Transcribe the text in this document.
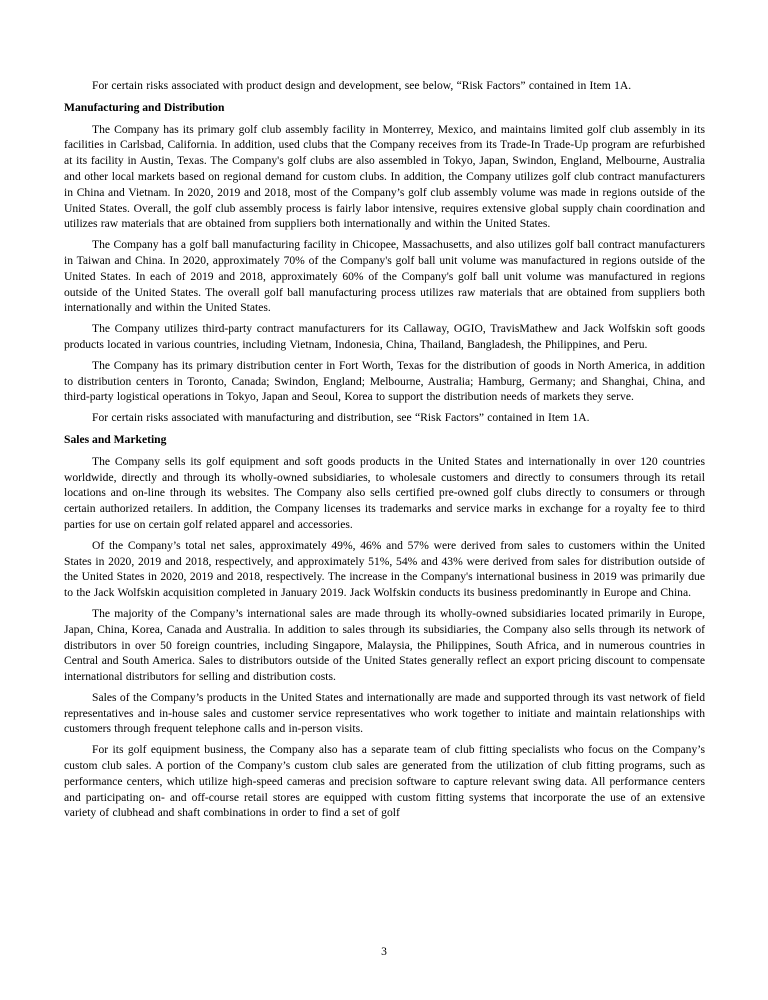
For certain risks associated with product design and development, see below, “Risk Factors” contained in Item 1A.

Manufacturing and Distribution

The Company has its primary golf club assembly facility in Monterrey, Mexico, and maintains limited golf club assembly in its facilities in Carlsbad, California. In addition, used clubs that the Company receives from its Trade-In Trade-Up program are refurbished at its facility in Austin, Texas. The Company's golf clubs are also assembled in Tokyo, Japan, Swindon, England, Melbourne, Australia and other local markets based on regional demand for custom clubs. In addition, the Company utilizes golf club contract manufacturers in China and Vietnam. In 2020, 2019 and 2018, most of the Company’s golf club assembly volume was made in regions outside of the United States. Overall, the golf club assembly process is fairly labor intensive, requires extensive global supply chain coordination and utilizes raw materials that are obtained from suppliers both internationally and within the United States.

The Company has a golf ball manufacturing facility in Chicopee, Massachusetts, and also utilizes golf ball contract manufacturers in Taiwan and China. In 2020, approximately 70% of the Company's golf ball unit volume was manufactured in regions outside of the United States. In each of 2019 and 2018, approximately 60% of the Company's golf ball unit volume was manufactured in regions outside of the United States. The overall golf ball manufacturing process utilizes raw materials that are obtained from suppliers both internationally and within the United States.

The Company utilizes third-party contract manufacturers for its Callaway, OGIO, TravisMathew and Jack Wolfskin soft goods products located in various countries, including Vietnam, Indonesia, China, Thailand, Bangladesh, the Philippines, and Peru.

The Company has its primary distribution center in Fort Worth, Texas for the distribution of goods in North America, in addition to distribution centers in Toronto, Canada; Swindon, England; Melbourne, Australia; Hamburg, Germany; and Shanghai, China, and third-party logistical operations in Tokyo, Japan and Seoul, Korea to support the distribution needs of markets they serve.

For certain risks associated with manufacturing and distribution, see “Risk Factors” contained in Item 1A.

Sales and Marketing

The Company sells its golf equipment and soft goods products in the United States and internationally in over 120 countries worldwide, directly and through its wholly-owned subsidiaries, to wholesale customers and directly to consumers through its retail locations and on-line through its websites. The Company also sells certified pre-owned golf clubs directly to consumers or through certain authorized retailers. In addition, the Company licenses its trademarks and service marks in exchange for a royalty fee to third parties for use on certain golf related apparel and accessories.

Of the Company’s total net sales, approximately 49%, 46% and 57% were derived from sales to customers within the United States in 2020, 2019 and 2018, respectively, and approximately 51%, 54% and 43% were derived from sales for distribution outside of the United States in 2020, 2019 and 2018, respectively. The increase in the Company's international business in 2019 was primarily due to the Jack Wolfskin acquisition completed in January 2019. Jack Wolfskin conducts its business predominantly in Europe and China.

The majority of the Company’s international sales are made through its wholly-owned subsidiaries located primarily in Europe, Japan, China, Korea, Canada and Australia. In addition to sales through its subsidiaries, the Company also sells through its network of distributors in over 50 foreign countries, including Singapore, Malaysia, the Philippines, South Africa, and in numerous countries in Central and South America. Sales to distributors outside of the United States generally reflect an export pricing discount to compensate international distributors for selling and distribution costs.

Sales of the Company’s products in the United States and internationally are made and supported through its vast network of field representatives and in-house sales and customer service representatives who work together to initiate and maintain relationships with customers through frequent telephone calls and in-person visits.

For its golf equipment business, the Company also has a separate team of club fitting specialists who focus on the Company’s custom club sales. A portion of the Company’s custom club sales are generated from the utilization of club fitting programs, such as performance centers, which utilize high-speed cameras and precision software to capture relevant swing data. All performance centers and participating on- and off-course retail stores are equipped with custom fitting systems that incorporate the use of an extensive variety of clubhead and shaft combinations in order to find a set of golf

3
